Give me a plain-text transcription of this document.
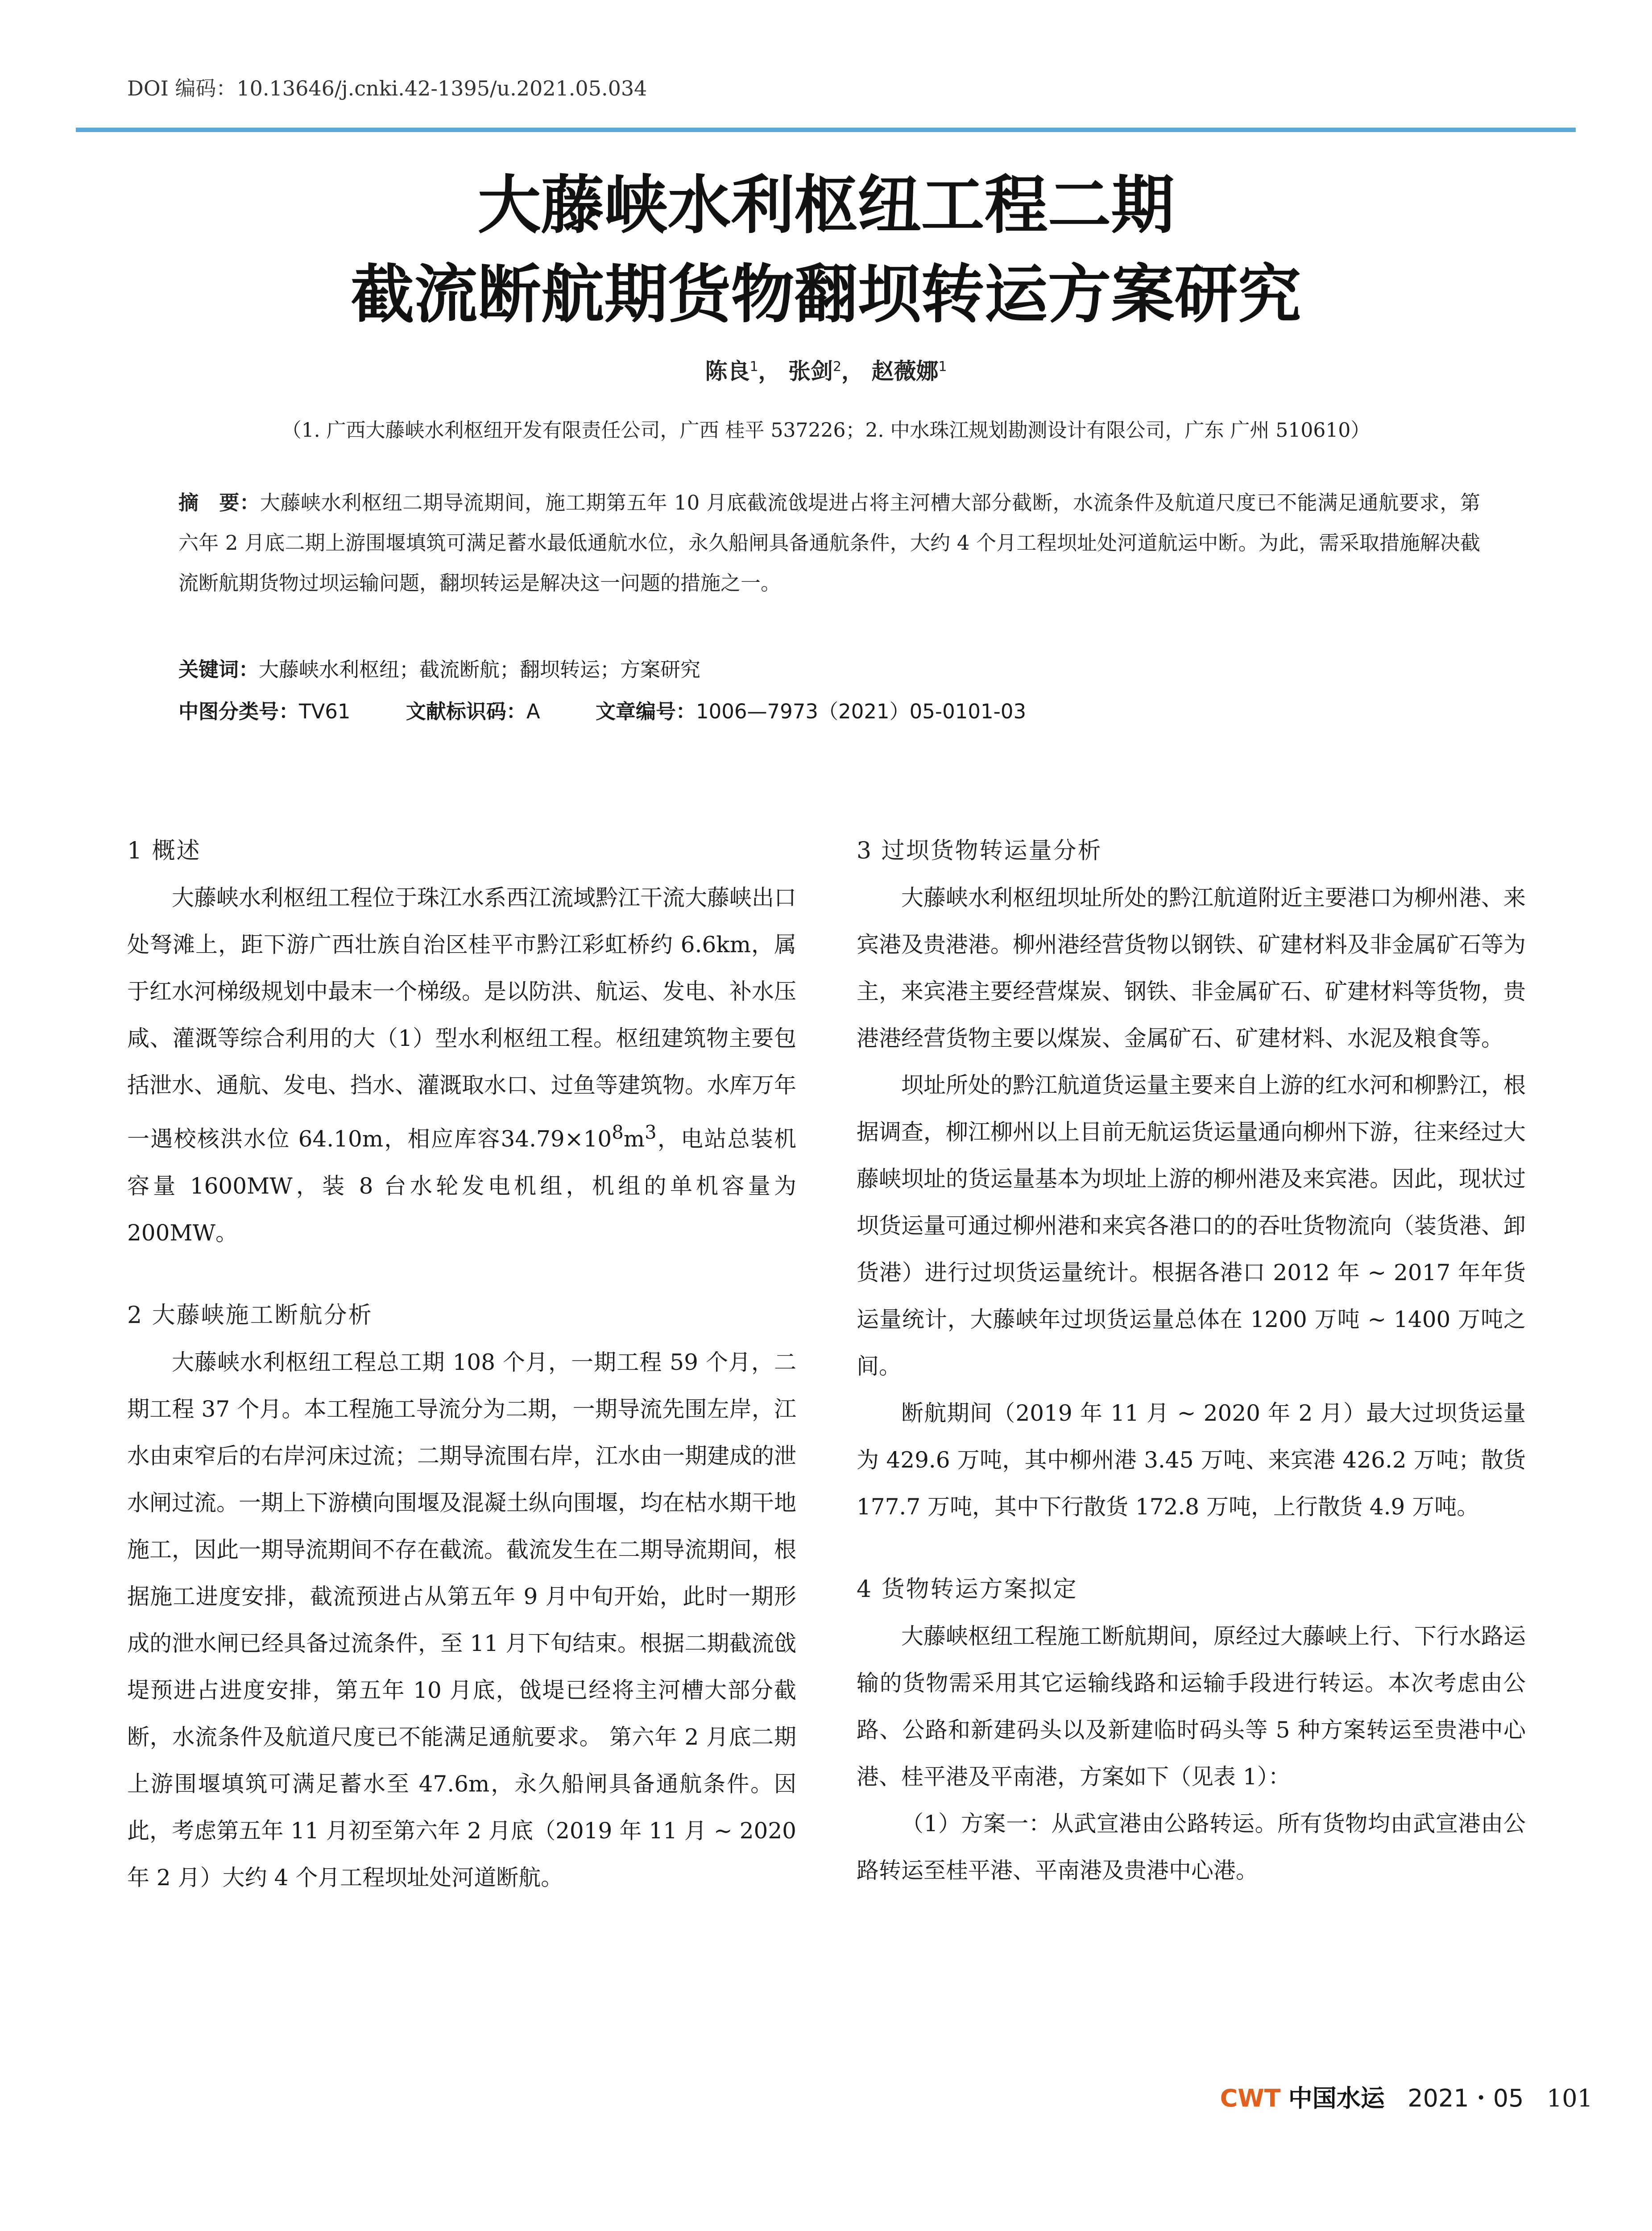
DOI 编码：10.13646/j.cnki.42-1395/u.2021.05.034
大藤峡水利枢纽工程二期
截流断航期货物翻坝转运方案研究
陈良$^1$， 张剑$^2$， 赵薇娜$^1$
（1. 广西大藤峡水利枢纽开发有限责任公司，广西 桂平 537226；2. 中水珠江规划勘测设计有限公司，广东 广州 510610）
摘　要：大藤峡水利枢纽二期导流期间，施工期第五年 10 月底截流戗堤进占将主河槽大部分截断，水流条件及航道尺度已不能满足通航要求，第六年 2 月底二期上游围堰填筑可满足蓄水最低通航水位，永久船闸具备通航条件，大约 4 个月工程坝址处河道航运中断。为此，需采取措施解决截流断航期货物过坝运输问题，翻坝转运是解决这一问题的措施之一。
关键词：大藤峡水利枢纽；截流断航；翻坝转运；方案研究
中图分类号：TV61	文献标识码：A	文章编号：1006—7973（2021）05-0101-03
1 概述

大藤峡水利枢纽工程位于珠江水系西江流域黔江干流大藤峡出口处弩滩上，距下游广西壮族自治区桂平市黔江彩虹桥约 6.6km，属于红水河梯级规划中最末一个梯级。是以防洪、航运、发电、补水压咸、灌溉等综合利用的大（1）型水利枢纽工程。枢纽建筑物主要包括泄水、通航、发电、挡水、灌溉取水口、过鱼等建筑物。水库万年一遇校核洪水位 64.10m，相应库容$34.79\times 10^8m^3$，电站总装机容量 1600MW，装 8 台水轮发电机组，机组的单机容量为 200MW。

2 大藤峡施工断航分析

大藤峡水利枢纽工程总工期 108 个月，一期工程 59 个月，二期工程 37 个月。本工程施工导流分为二期，一期导流先围左岸，江水由束窄后的右岸河床过流；二期导流围右岸，江水由一期建成的泄水闸过流。一期上下游横向围堰及混凝土纵向围堰，均在枯水期干地施工，因此一期导流期间不存在截流。截流发生在二期导流期间，根据施工进度安排，截流预进占从第五年 9 月中旬开始，此时一期形成的泄水闸已经具备过流条件，至 11 月下旬结束。根据二期截流戗堤预进占进度安排，第五年 10 月底，戗堤已经将主河槽大部分截断，水流条件及航道尺度已不能满足通航要求。 第六年 2 月底二期上游围堰填筑可满足蓄水至 47.6m，永久船闸具备通航条件。因此，考虑第五年 11 月初至第六年 2 月底（2019 年 11 月 ~ 2020 年 2 月）大约 4 个月工程坝址处河道断航。

3 过坝货物转运量分析

大藤峡水利枢纽坝址所处的黔江航道附近主要港口为柳州港、来宾港及贵港港。柳州港经营货物以钢铁、矿建材料及非金属矿石等为主，来宾港主要经营煤炭、钢铁、非金属矿石、矿建材料等货物，贵港港经营货物主要以煤炭、金属矿石、矿建材料、水泥及粮食等。

坝址所处的黔江航道货运量主要来自上游的红水河和柳黔江，根据调查，柳江柳州以上目前无航运货运量通向柳州下游，往来经过大藤峡坝址的货运量基本为坝址上游的柳州港及来宾港。因此，现状过坝货运量可通过柳州港和来宾各港口的的吞吐货物流向（装货港、卸货港）进行过坝货运量统计。根据各港口 2012 年 ~ 2017 年年货运量统计，大藤峡年过坝货运量总体在 1200 万吨 ~ 1400 万吨之间。

断航期间（2019 年 11 月 ~ 2020 年 2 月）最大过坝货运量为 429.6 万吨，其中柳州港 3.45 万吨、来宾港 426.2 万吨；散货 177.7 万吨，其中下行散货 172.8 万吨，上行散货 4.9 万吨。

4 货物转运方案拟定

大藤峡枢纽工程施工断航期间，原经过大藤峡上行、下行水路运输的货物需采用其它运输线路和运输手段进行转运。本次考虑由公路、公路和新建码头以及新建临时码头等 5 种方案转运至贵港中心港、桂平港及平南港，方案如下（见表 1）：

（1）方案一：从武宣港由公路转运。所有货物均由武宣港由公路转运至桂平港、平南港及贵港中心港。

CWT 中国水运 2021・05 101
